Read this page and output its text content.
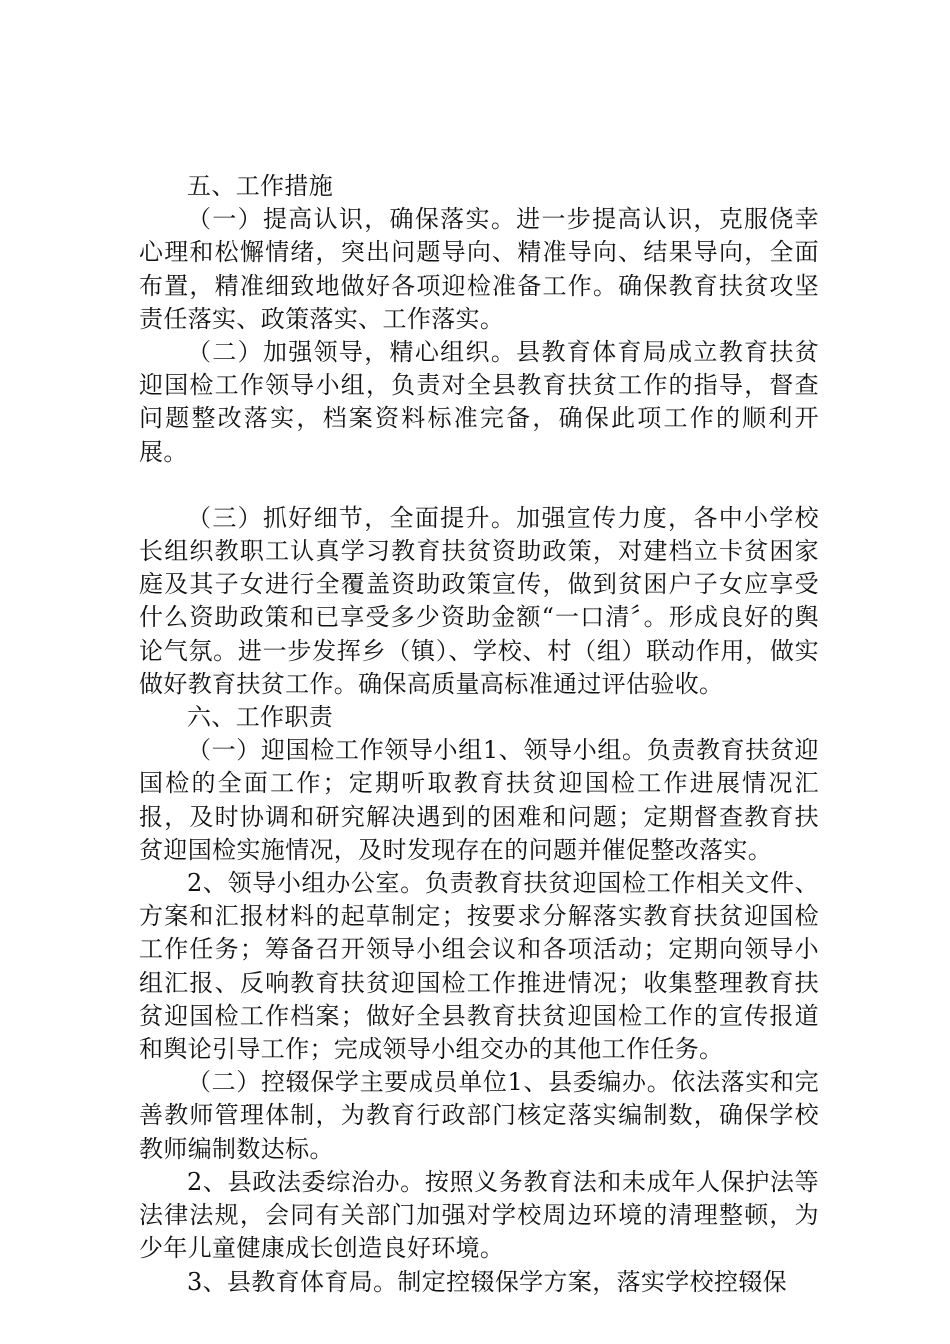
五、工作措施

（一）提高认识，确保落实。进一步提高认识，克服侥幸心理和松懈情绪，突出问题导向、精准导向、结果导向，全面布置，精准细致地做好各项迎检准备工作。确保教育扶贫攻坚责任落实、政策落实、工作落实。

（二）加强领导，精心组织。县教育体育局成立教育扶贫迎国检工作领导小组，负责对全县教育扶贫工作的指导，督查问题整改落实，档案资料标准完备，确保此项工作的顺利开展。

（三）抓好细节，全面提升。加强宣传力度，各中小学校长组织教职工认真学习教育扶贫资助政策，对建档立卡贫困家庭及其子女进行全覆盖资助政策宣传，做到贫困户子女应享受什么资助政策和已享受多少资助金额“一口清〞。形成良好的舆论气氛。进一步发挥乡（镇）、学校、村（组）联动作用，做实做好教育扶贫工作。确保高质量高标准通过评估验收。

六、工作职责

（一）迎国检工作领导小组1、领导小组。负责教育扶贫迎国检的全面工作；定期听取教育扶贫迎国检工作进展情况汇报，及时协调和研究解决遇到的困难和问题；定期督查教育扶贫迎国检实施情况，及时发现存在的问题并催促整改落实。

2、领导小组办公室。负责教育扶贫迎国检工作相关文件、方案和汇报材料的起草制定；按要求分解落实教育扶贫迎国检工作任务；筹备召开领导小组会议和各项活动；定期向领导小组汇报、反响教育扶贫迎国检工作推进情况；收集整理教育扶贫迎国检工作档案；做好全县教育扶贫迎国检工作的宣传报道和舆论引导工作；完成领导小组交办的其他工作任务。

（二）控辍保学主要成员单位1、县委编办。依法落实和完善教师管理体制，为教育行政部门核定落实编制数，确保学校教师编制数达标。

2、县政法委综治办。按照义务教育法和未成年人保护法等法律法规，会同有关部门加强对学校周边环境的清理整顿，为少年儿童健康成长创造良好环境。

3、县教育体育局。制定控辍保学方案，落实学校控辍保
